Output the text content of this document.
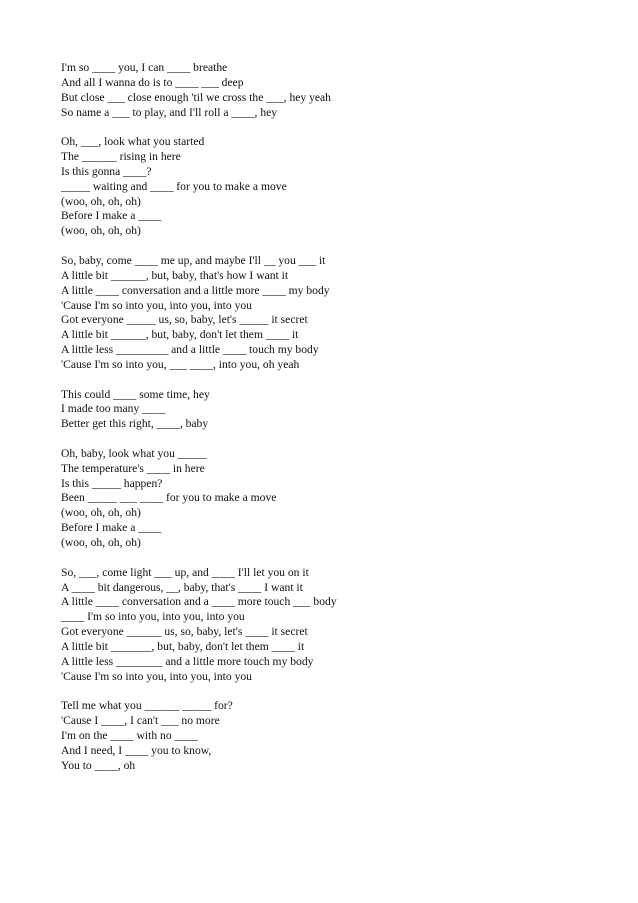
I'm so ____ you, I can ____ breathe
And all I wanna do is to ____ ___ deep
But close ___ close enough 'til we cross the ___, hey yeah
So name a ___ to play, and I'll roll a ____, hey
Oh, ___, look what you started
The ______ rising in here
Is this gonna ____?
_____ waiting and ____ for you to make a move
(woo, oh, oh, oh)
Before I make a ____
(woo, oh, oh, oh)
So, baby, come ____ me up, and maybe I'll __ you ___ it
A little bit ______, but, baby, that's how I want it
A little ____ conversation and a little more ____ my body
'Cause I'm so into you, into you, into you
Got everyone _____ us, so, baby, let's _____ it secret
A little bit ______, but, baby, don't let them ____ it
A little less _________ and a little ____ touch my body
'Cause I'm so into you, ___ ____, into you, oh yeah
This could ____ some time, hey
I made too many ____
Better get this right, ____, baby
Oh, baby, look what you _____
The temperature's ____ in here
Is this _____ happen?
Been _____ ___ ____ for you to make a move
(woo, oh, oh, oh)
Before I make a ____
(woo, oh, oh, oh)
So, ___, come light ___ up, and ____ I'll let you on it
A ____ bit dangerous, __, baby, that's ____ I want it
A little ____ conversation and a ____ more touch ___ body
____ I'm so into you, into you, into you
Got everyone ______ us, so, baby, let's ____ it secret
A little bit _______, but, baby, don't let them ____ it
A little less ________ and a little more touch my body
'Cause I'm so into you, into you, into you
Tell me what you ______ _____ for?
'Cause I ____, I can't ___ no more
I'm on the ____ with no ____
And I need, I ____ you to know,
You to ____, oh
